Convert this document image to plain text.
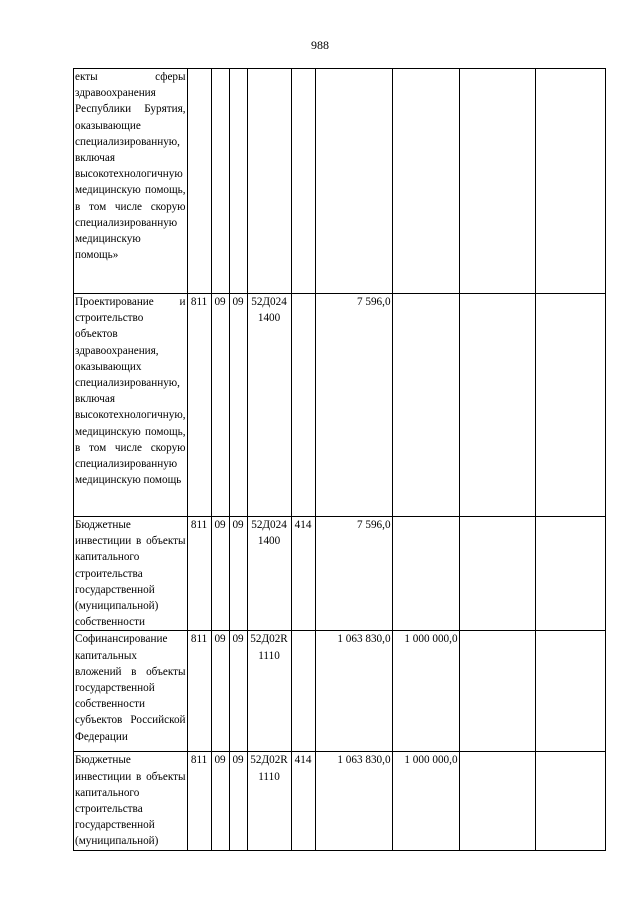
988
екты сферы здравоохранения Республики Бурятия, оказывающие специализированную, включая высокотехнологичную медицинскую помощь, в том числе скорую специализированную медицинскую помощь»									
Проектирование и строительство объектов здравоохранения, оказывающих специализированную, включая высокотехнологичную, медицинскую помощь, в том числе скорую специализированную медицинскую помощь	811	09	09	52Д0241400		7 596,0			
Бюджетные инвестиции в объекты капитального строительства государственной (муниципальной) собственности	811	09	09	52Д0241400	414	7 596,0			
Софинансирование капитальных вложений в объекты государственной собственности субъектов Российской Федерации	811	09	09	52Д02R1110		1 063 830,0	1 000 000,0		
Бюджетные инвестиции в объекты капитального строительства государственной (муниципальной)	811	09	09	52Д02R1110	414	1 063 830,0	1 000 000,0		
